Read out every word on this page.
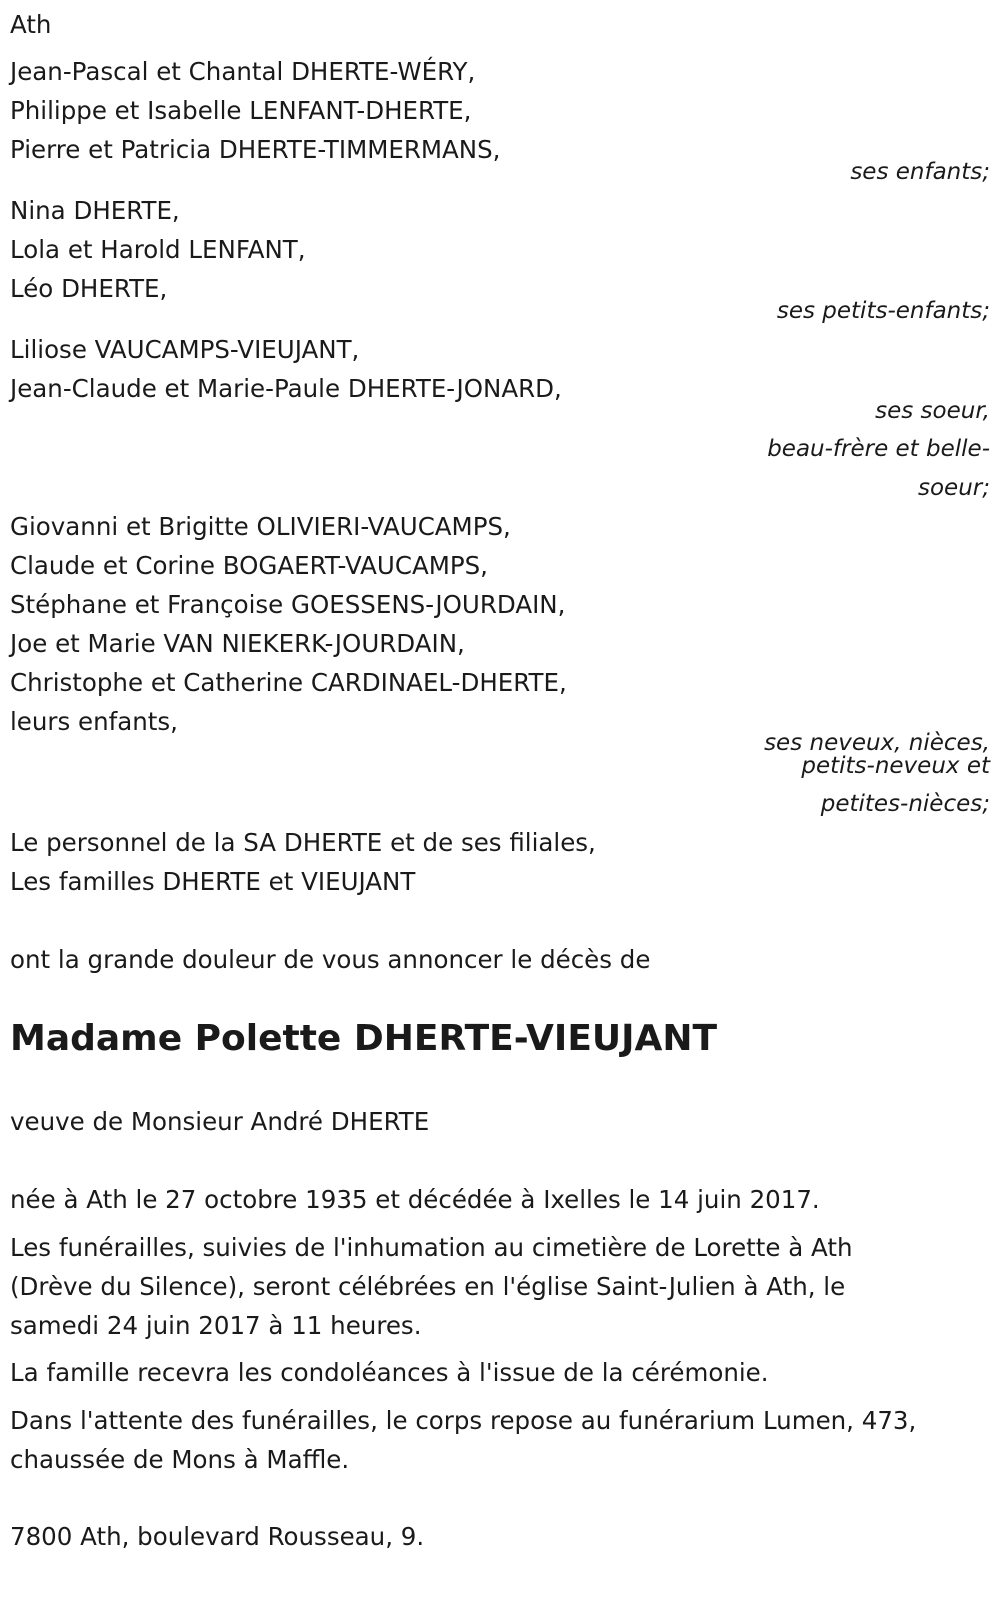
Ath
Jean-Pascal et Chantal DHERTE-WÉRY,
Philippe et Isabelle LENFANT-DHERTE,
Pierre et Patricia DHERTE-TIMMERMANS,
ses enfants;
Nina DHERTE,
Lola et Harold LENFANT,
Léo DHERTE,
ses petits-enfants;
Liliose VAUCAMPS-VIEUJANT,
Jean-Claude et Marie-Paule DHERTE-JONARD,
ses soeur,
beau-frère et belle-
soeur;
Giovanni et Brigitte OLIVIERI-VAUCAMPS,
Claude et Corine BOGAERT-VAUCAMPS,
Stéphane et Françoise GOESSENS-JOURDAIN,
Joe et Marie VAN NIEKERK-JOURDAIN,
Christophe et Catherine CARDINAEL-DHERTE,
leurs enfants,
ses neveux, nièces,
petits-neveux et
petites-nièces;
Le personnel de la SA DHERTE et de ses filiales,
Les familles DHERTE et VIEUJANT
ont la grande douleur de vous annoncer le décès de
Madame Polette DHERTE-VIEUJANT
veuve de Monsieur André DHERTE
née à Ath le 27 octobre 1935 et décédée à Ixelles le 14 juin 2017.
Les funérailles, suivies de l'inhumation au cimetière de Lorette à Ath
(Drève du Silence), seront célébrées en l'église Saint-Julien à Ath, le
samedi 24 juin 2017 à 11 heures.
La famille recevra les condoléances à l'issue de la cérémonie.
Dans l'attente des funérailles, le corps repose au funérarium Lumen, 473,
chaussée de Mons à Maffle.
7800 Ath, boulevard Rousseau, 9.
